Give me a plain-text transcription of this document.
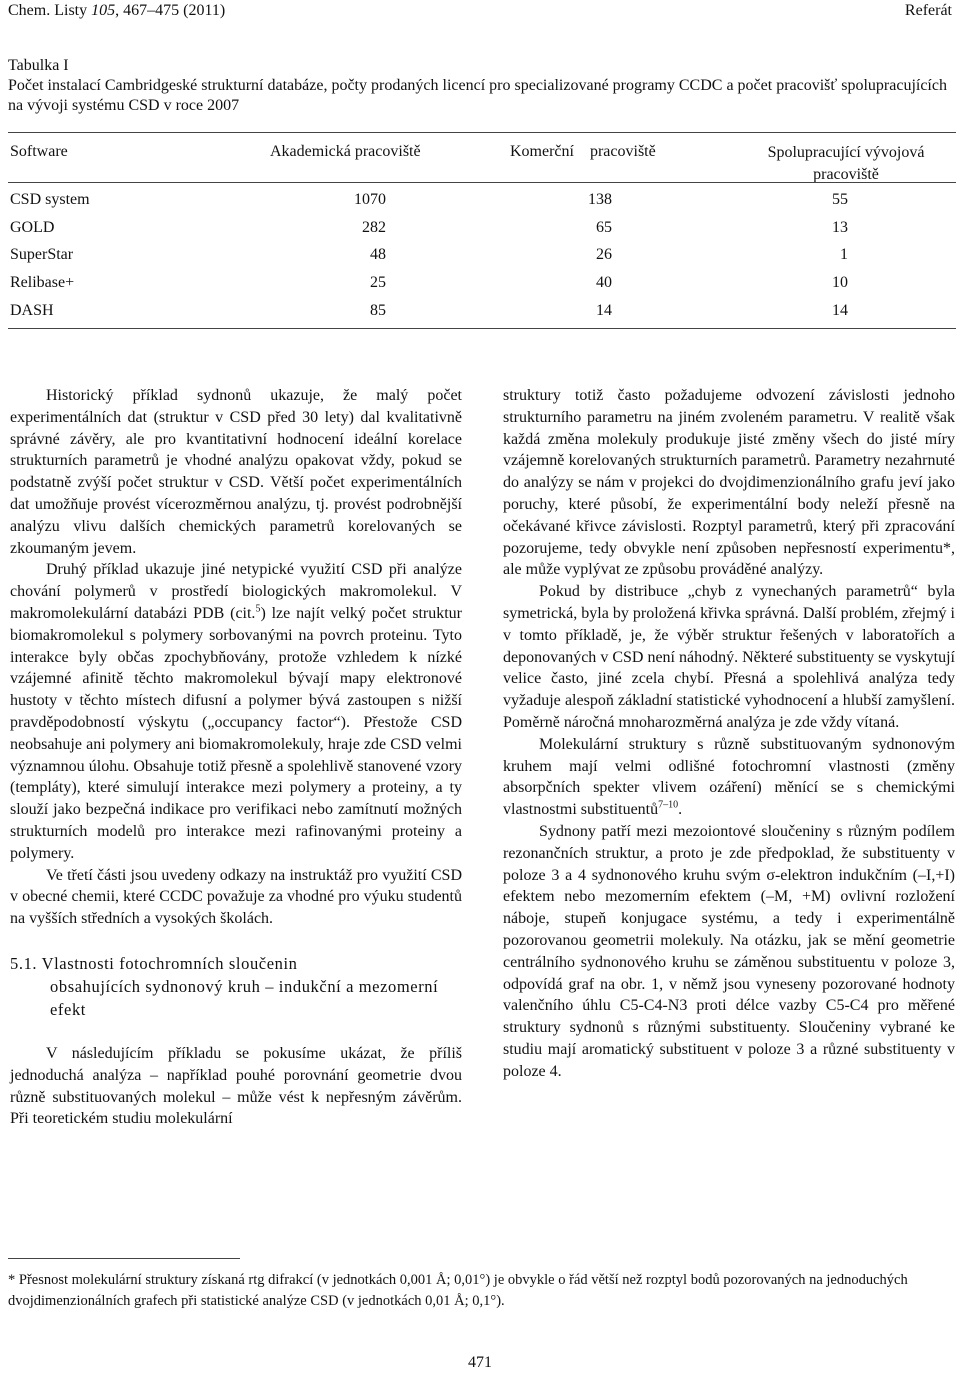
Chem. Listy 105, 467–475 (2011)	Referát
Tabulka I
Počet instalací Cambridgeské strukturní databáze, počty prodaných licencí pro specializované programy CCDC a počet pracovišť spolupracujících na vývoji systému CSD v roce 2007
Software	Akademická pracoviště	Komerční    pracoviště	Spolupracující vývojová pracoviště
CSD system	1070	138	55
GOLD	282	65	13
SuperStar	48	26	1
Relibase+	25	40	10
DASH	85	14	14

Historický příklad sydnonů ukazuje, že malý počet experimentálních dat (struktur v CSD před 30 lety) dal kvalitativně správné závěry, ale pro kvantitativní hodnocení ideální korelace strukturních parametrů je vhodné analýzu opakovat vždy, pokud se podstatně zvýší počet struktur v CSD. Větší počet experimentálních dat umožňuje provést vícerozměrnou analýzu, tj. provést podrobnější analýzu vlivu dalších chemických parametrů korelovaných se zkoumaným jevem.

Druhý příklad ukazuje jiné netypické využití CSD při analýze chování polymerů v prostředí biologických makromolekul. V makromolekulární databázi PDB (cit.$^5$) lze najít velký počet struktur biomakromolekul s polymery sorbovanými na povrch proteinu. Tyto interakce byly občas zpochybňovány, protože vzhledem k nízké vzájemné afinitě těchto makromolekul bývají mapy elektronové hustoty v těchto místech difusní a polymer bývá zastoupen s nižší pravděpodobností výskytu („occupancy factor“). Přestože CSD neobsahuje ani polymery ani biomakromolekuly, hraje zde CSD velmi významnou úlohu. Obsahuje totiž přesně a spolehlivě stanovené vzory (templáty), které simulují interakce mezi polymery a proteiny, a ty slouží jako bezpečná indikace pro verifikaci nebo zamítnutí možných strukturních modelů pro interakce mezi rafinovanými proteiny a polymery.

Ve třetí části jsou uvedeny odkazy na instruktáž pro využití CSD v obecné chemii, které CCDC považuje za vhodné pro výuku studentů na vyšších středních a vysokých školách.

5.1. Vlastnosti fotochromních sloučenin
obsahujících sydnonový kruh – indukční a mezomerní efekt

V následujícím příkladu se pokusíme ukázat, že příliš jednoduchá analýza – například pouhé porovnání geometrie dvou různě substituovaných molekul – může vést k nepřesným závěrům. Při teoretickém studiu molekulární

struktury totiž často požadujeme odvození závislosti jednoho strukturního parametru na jiném zvoleném parametru. V realitě však každá změna molekuly produkuje jisté změny všech do jisté míry vzájemně korelovaných strukturních parametrů. Parametry nezahrnuté do analýzy se nám v projekci do dvojdimenzionálního grafu jeví jako poruchy, které působí, že experimentální body neleží přesně na očekávané křivce závislosti. Rozptyl parametrů, který při zpracování pozorujeme, tedy obvykle není způsoben nepřesností experimentu*, ale může vyplývat ze způsobu prováděné analýzy.

Pokud by distribuce „chyb z vynechaných parametrů“ byla symetrická, byla by proložená křivka správná. Další problém, zřejmý i v tomto příkladě, je, že výběr struktur řešených v laboratořích a deponovaných v CSD není náhodný. Některé substituenty se vyskytují velice často, jiné zcela chybí. Přesná a spolehlivá analýza tedy vyžaduje alespoň základní statistické vyhodnocení a hlubší zamyšlení. Poměrně náročná mnoharozměrná analýza je zde vždy vítaná.

Molekulární struktury s různě substituovaným sydnonovým kruhem mají velmi odlišné fotochromní vlastnosti (změny absorpčních spekter vlivem ozáření) měnící se s chemickými vlastnostmi substituentů$^{7-10}$.

Sydnony patří mezi mezoiontové sloučeniny s různým podílem rezonančních struktur, a proto je zde předpoklad, že substituenty v poloze 3 a 4 sydnonového kruhu svým σ-elektron indukčním (–I,+I) efektem nebo mezomerním efektem (–M, +M) ovlivní rozložení náboje, stupeň konjugace systému, a tedy i experimentálně pozorovanou geometrii molekuly. Na otázku, jak se mění geometrie centrálního sydnonového kruhu se záměnou substituentu v poloze 3, odpovídá graf na obr. 1, v němž jsou vyneseny pozorované hodnoty valenčního úhlu C5-C4-N3 proti délce vazby C5-C4 pro měřené struktury sydnonů s různými substituenty. Sloučeniny vybrané ke studiu mají aromatický substituent v poloze 3 a různé substituenty v poloze 4.

* Přesnost molekulární struktury získaná rtg difrakcí (v jednotkách 0,001 Å; 0,01°) je obvykle o řád větší než rozptyl bodů pozorovaných na jednoduchých dvojdimenzionálních grafech při statistické analýze CSD (v jednotkách 0,01 Å; 0,1°).
471
